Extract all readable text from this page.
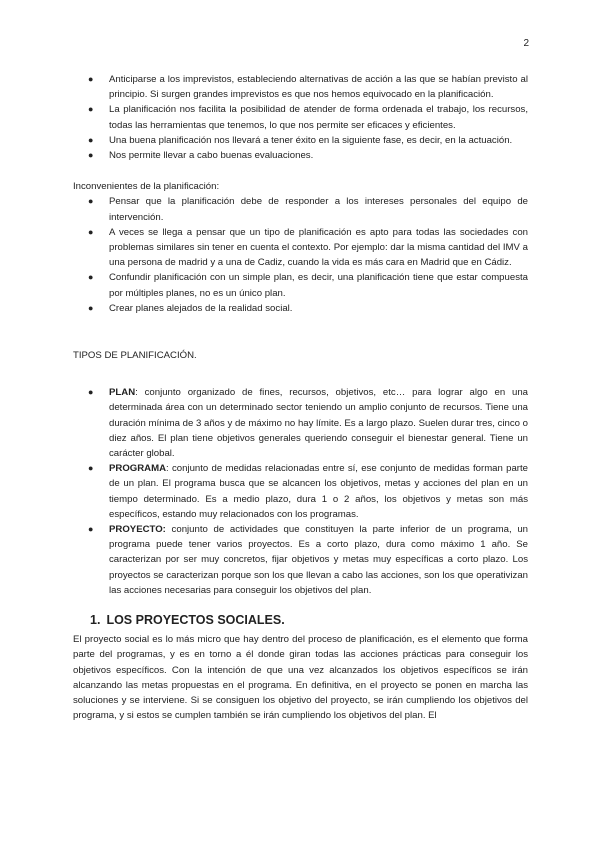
2
● Anticiparse a los imprevistos, estableciendo alternativas de acción a las que se habían previsto al principio. Si surgen grandes imprevistos es que nos hemos equivocado en la planificación.
● La planificación nos facilita la posibilidad de atender de forma ordenada el trabajo, los recursos, todas las herramientas que tenemos, lo que nos permite ser eficaces y eficientes.
● Una buena planificación nos llevará a tener éxito en la siguiente fase, es decir, en la actuación.
● Nos permite llevar a cabo buenas evaluaciones.

Inconvenientes de la planificación:

● Pensar que la planificación debe de responder a los intereses personales del equipo de intervención.
● A veces se llega a pensar que un tipo de planificación es apto para todas las sociedades con problemas similares sin tener en cuenta el contexto. Por ejemplo: dar la misma cantidad del IMV a una persona de madrid y a una de Cadiz, cuando la vida es más cara en Madrid que en Cádiz.
● Confundir planificación con un simple plan, es decir, una planificación tiene que estar compuesta por múltiples planes, no es un único plan.
● Crear planes alejados de la realidad social.

TIPOS DE PLANIFICACIÓN.

● PLAN: conjunto organizado de fines, recursos, objetivos, etc… para lograr algo en una determinada área con un determinado sector teniendo un amplio conjunto de recursos. Tiene una duración mínima de 3 años y de máximo no hay límite. Es a largo plazo. Suelen durar tres, cinco o diez años. El plan tiene objetivos generales queriendo conseguir el bienestar general. Tiene un carácter global.
● PROGRAMA: conjunto de medidas relacionadas entre sí, ese conjunto de medidas forman parte de un plan. El programa busca que se alcancen los objetivos, metas y acciones del plan en un tiempo determinado. Es a medio plazo, dura 1 o 2 años, los objetivos y metas son más específicos, estando muy relacionados con los programas.
● PROYECTO: conjunto de actividades que constituyen la parte inferior de un programa, un programa puede tener varios proyectos. Es a corto plazo, dura como máximo 1 año. Se caracterizan por ser muy concretos, fijar objetivos y metas muy específicas a corto plazo. Los proyectos se caracterizan porque son los que llevan a cabo las acciones, son los que operativizan las acciones necesarias para conseguir los objetivos del plan.
1. LOS PROYECTOS SOCIALES.

El proyecto social es lo más micro que hay dentro del proceso de planificación, es el elemento que forma parte del programas, y es en torno a él donde giran todas las acciones prácticas para conseguir los objetivos específicos. Con la intención de que una vez alcanzados los objetivos específicos se irán alcanzando las metas propuestas en el programa. En definitiva, en el proyecto se ponen en marcha las soluciones y se interviene. Si se consiguen los objetivo del proyecto, se irán cumpliendo los objetivos del programa, y si estos se cumplen también se irán cumpliendo los objetivos del plan. El
